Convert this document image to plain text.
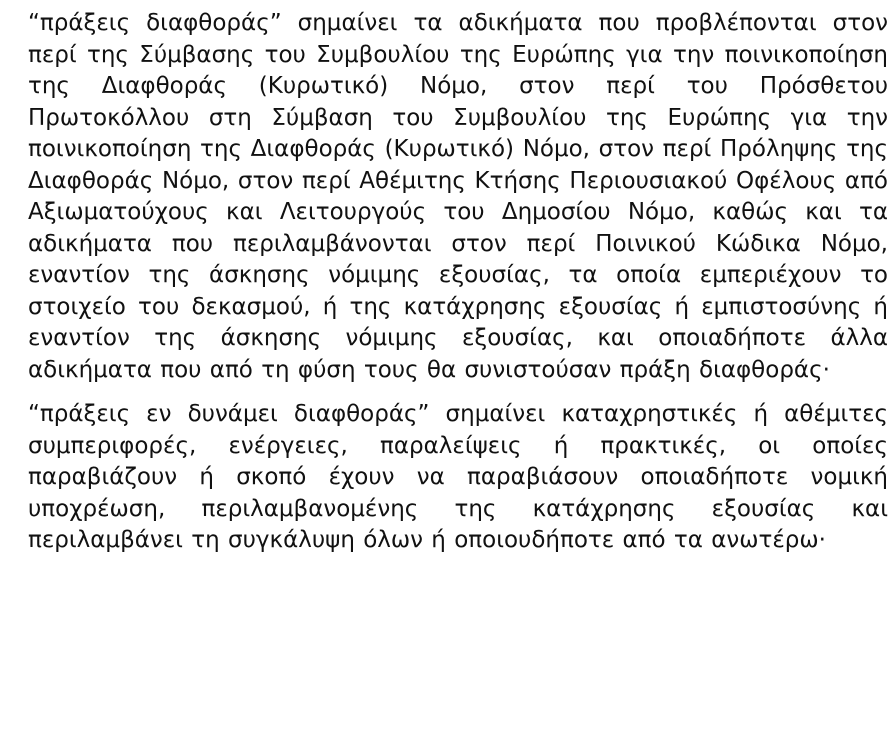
“πράξεις διαφθοράς” σημαίνει τα αδικήματα που προβλέπονται στον περί της Σύμβασης του Συμβουλίου της Ευρώπης για την ποινικοποίηση της Διαφθοράς (Κυρωτικό) Νόμο, στον περί του Πρόσθετου Πρωτοκόλλου στη Σύμβαση του Συμβουλίου της Ευρώπης για την ποινικοποίηση της Διαφθοράς (Κυρωτικό) Νόμο, στον περί Πρόληψης της Διαφθοράς Νόμο, στον περί Αθέμιτης Κτήσης Περιουσιακού Οφέλους από Αξιωματούχους και Λειτουργούς του Δημοσίου Νόμο, καθώς και τα αδικήματα που περιλαμβάνονται στον περί Ποινικού Κώδικα Νόμο, εναντίον της άσκησης νόμιμης εξουσίας, τα οποία εμπεριέχουν το στοιχείο του δεκασμού, ή της κατάχρησης εξουσίας ή εμπιστοσύνης ή εναντίον της άσκησης νόμιμης εξουσίας, και οποιαδήποτε άλλα αδικήματα που από τη φύση τους θα συνιστούσαν πράξη διαφθοράς·

“πράξεις εν δυνάμει διαφθοράς” σημαίνει καταχρηστικές ή αθέμιτες συμπεριφορές, ενέργειες, παραλείψεις ή πρακτικές, οι οποίες παραβιάζουν ή σκοπό έχουν να παραβιάσουν οποιαδήποτε νομική υποχρέωση, περιλαμβανομένης της κατάχρησης εξουσίας και περιλαμβάνει τη συγκάλυψη όλων ή οποιουδήποτε από τα ανωτέρω·
